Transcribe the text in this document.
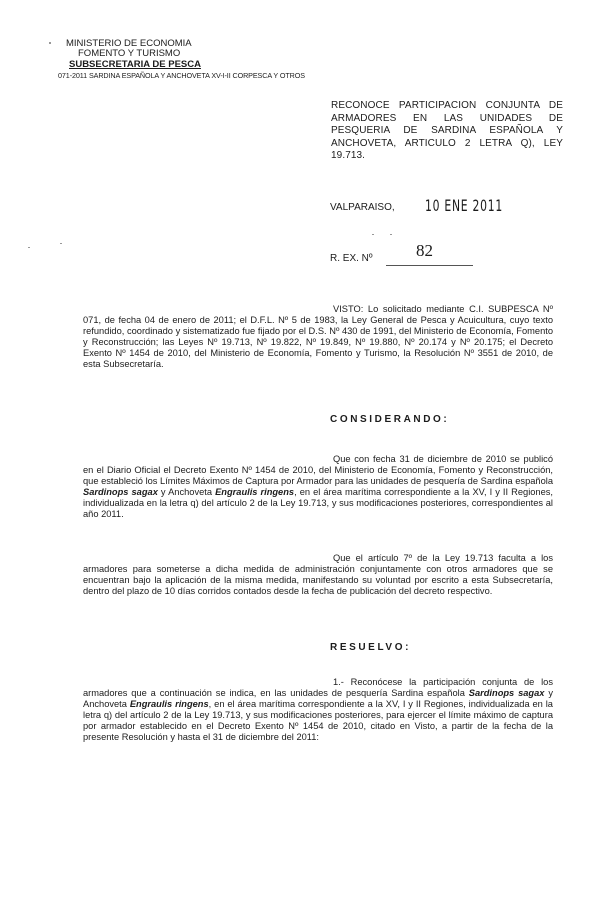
MINISTERIO DE ECONOMIA
FOMENTO Y TURISMO
SUBSECRETARIA DE PESCA
071-2011 SARDINA ESPAÑOLA Y ANCHOVETA XV-I-II CORPESCA Y OTROS
RECONOCE PARTICIPACION CONJUNTA DE ARMADORES EN LAS UNIDADES DE PESQUERIA DE SARDINA ESPAÑOLA Y ANCHOVETA, ARTICULO 2 LETRA Q), LEY 19.713.
VALPARAISO, 10 ENE 2011
R. EX. Nº	82
VISTO: Lo solicitado mediante C.I. SUBPESCA Nº 071, de fecha 04 de enero de 2011; el D.F.L. Nº 5 de 1983, la Ley General de Pesca y Acuicultura, cuyo texto refundido, coordinado y sistematizado fue fijado por el D.S. Nº 430 de 1991, del Ministerio de Economía, Fomento y Reconstrucción; las Leyes Nº 19.713, Nº 19.822, Nº 19.849, Nº 19.880, Nº 20.174 y Nº 20.175; el Decreto Exento Nº 1454 de 2010, del Ministerio de Economía, Fomento y Turismo, la Resolución Nº 3551 de 2010, de esta Subsecretaría.
CONSIDERANDO:
Que con fecha 31 de diciembre de 2010 se publicó en el Diario Oficial el Decreto Exento Nº 1454 de 2010, del Ministerio de Economía, Fomento y Reconstrucción, que estableció los Límites Máximos de Captura por Armador para las unidades de pesquería de Sardina española Sardinops sagax y Anchoveta Engraulis ringens, en el área marítima correspondiente a la XV, I y II Regiones, individualizada en la letra q) del artículo 2 de la Ley 19.713, y sus modificaciones posteriores, correspondientes al año 2011.
Que el artículo 7º de la Ley 19.713 faculta a los armadores para someterse a dicha medida de administración conjuntamente con otros armadores que se encuentran bajo la aplicación de la misma medida, manifestando su voluntad por escrito a esta Subsecretaría, dentro del plazo de 10 días corridos contados desde la fecha de publicación del decreto respectivo.
RESUELVO:
1.- Reconócese la participación conjunta de los armadores que a continuación se indica, en las unidades de pesquería Sardina española Sardinops sagax y Anchoveta Engraulis ringens, en el área marítima correspondiente a la XV, I y II Regiones, individualizada en la letra q) del artículo 2 de la Ley 19.713, y sus modificaciones posteriores, para ejercer el límite máximo de captura por armador establecido en el Decreto Exento Nº 1454 de 2010, citado en Visto, a partir de la fecha de la presente Resolución y hasta el 31 de diciembre del 2011:
